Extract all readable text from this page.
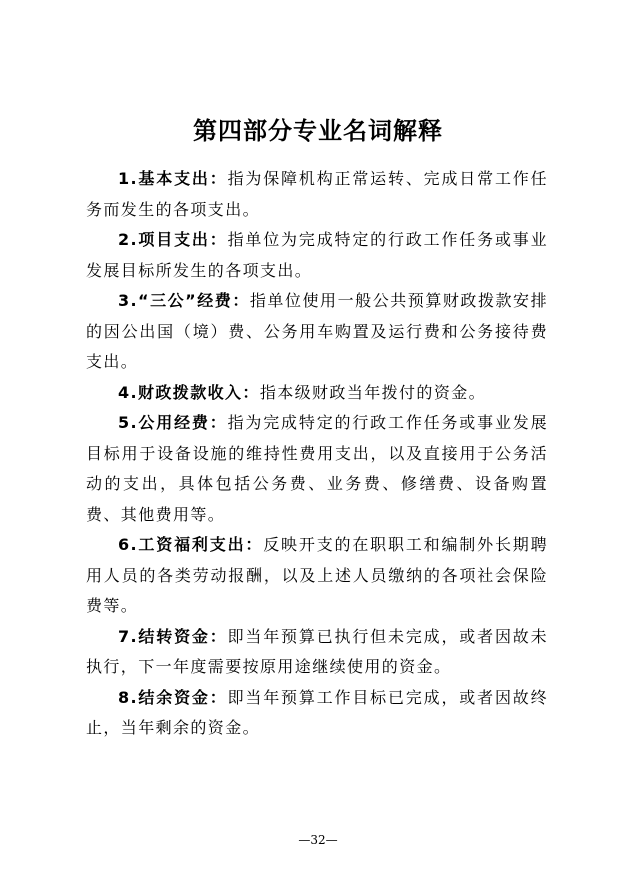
第四部分专业名词解释

1.基本支出：指为保障机构正常运转、完成日常工作任务而发生的各项支出。

2.项目支出：指单位为完成特定的行政工作任务或事业发展目标所发生的各项支出。

3.“三公”经费：指单位使用一般公共预算财政拨款安排的因公出国（境）费、公务用车购置及运行费和公务接待费支出。

4.财政拨款收入：指本级财政当年拨付的资金。

5.公用经费：指为完成特定的行政工作任务或事业发展目标用于设备设施的维持性费用支出，以及直接用于公务活动的支出，具体包括公务费、业务费、修缮费、设备购置费、其他费用等。

6.工资福利支出：反映开支的在职职工和编制外长期聘用人员的各类劳动报酬，以及上述人员缴纳的各项社会保险费等。

7.结转资金：即当年预算已执行但未完成，或者因故未执行，下一年度需要按原用途继续使用的资金。

8.结余资金：即当年预算工作目标已完成，或者因故终止，当年剩余的资金。

—32—
